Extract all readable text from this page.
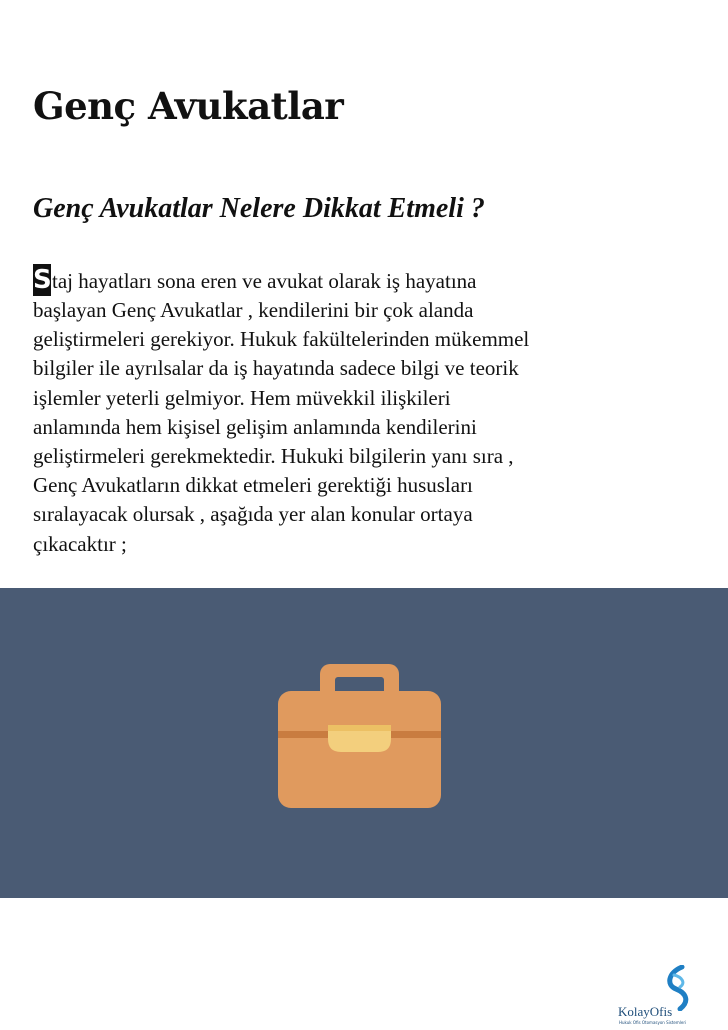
Genç Avukatlar
Genç Avukatlar Nelere Dikkat Etmeli ?
Staj hayatları sona eren ve avukat olarak iş hayatına
başlayan Genç Avukatlar , kendilerini bir çok alanda
geliştirmeleri gerekiyor. Hukuk fakültelerinden mükemmel
bilgiler ile ayrılsalar da iş hayatında sadece bilgi ve teorik
işlemler yeterli gelmiyor. Hem müvekkil ilişkileri
anlamında hem kişisel gelişim anlamında kendilerini
geliştirmeleri gerekmektedir. Hukuki bilgilerin yanı sıra ,
Genç Avukatların dikkat etmeleri gerektiği hususları
sıralayacak olursak , aşağıda yer alan konular ortaya
çıkacaktır ;
KolayOfis
Hukuk Ofis Otomasyon Sistemleri
